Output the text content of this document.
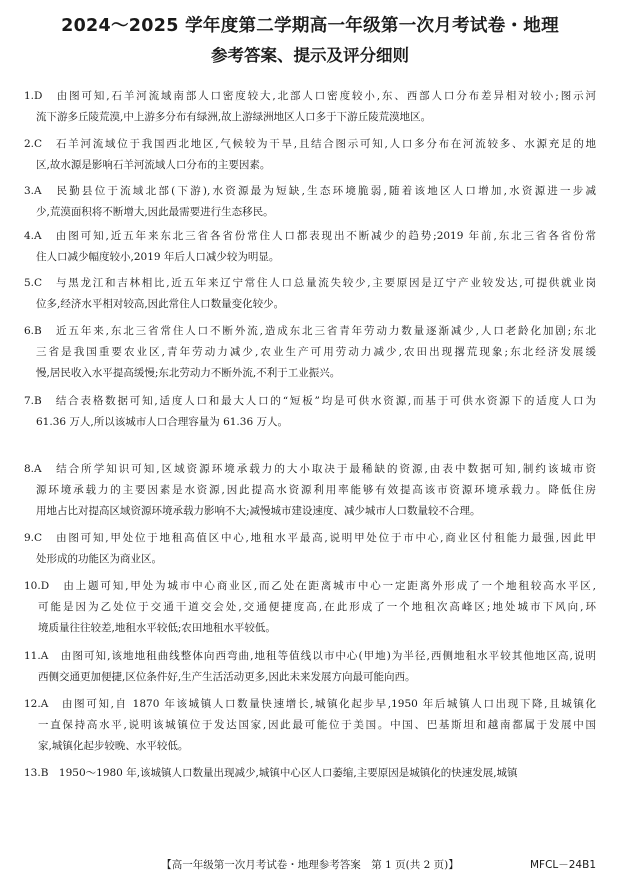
2024～2025 学年度第二学期高一年级第一次月考试卷・地理
参考答案、提示及评分细则
1.D　由图可知,石羊河流域南部人口密度较大,北部人口密度较小,东、西部人口分布差异相对较小;图示河
流下游多丘陵荒漠,中上游多分布有绿洲,故上游绿洲地区人口多于下游丘陵荒漠地区。
2.C　石羊河流域位于我国西北地区,气候较为干旱,且结合图示可知,人口多分布在河流较多、水源充足的地
区,故水源是影响石羊河流域人口分布的主要因素。
3.A　民勤县位于流域北部(下游),水资源最为短缺,生态环境脆弱,随着该地区人口增加,水资源进一步减
少,荒漠面积将不断增大,因此最需要进行生态移民。
4.A　由图可知,近五年来东北三省各省份常住人口都表现出不断减少的趋势;2019 年前,东北三省各省份常
住人口减少幅度较小,2019 年后人口减少较为明显。
5.C　与黑龙江和吉林相比,近五年来辽宁常住人口总量流失较少,主要原因是辽宁产业较发达,可提供就业岗
位多,经济水平相对较高,因此常住人口数量变化较少。
6.B　近五年来,东北三省常住人口不断外流,造成东北三省青年劳动力数量逐渐减少,人口老龄化加剧;东北
三省是我国重要农业区,青年劳动力减少,农业生产可用劳动力减少,农田出现撂荒现象;东北经济发展缓
慢,居民收入水平提高缓慢;东北劳动力不断外流,不利于工业振兴。
7.B　结合表格数据可知,适度人口和最大人口的“短板”均是可供水资源,而基于可供水资源下的适度人口为
61.36 万人,所以该城市人口合理容量为 61.36 万人。
8.A　结合所学知识可知,区域资源环境承载力的大小取决于最稀缺的资源,由表中数据可知,制约该城市资
源环境承载力的主要因素是水资源,因此提高水资源利用率能够有效提高该市资源环境承载力。降低住房
用地占比对提高区域资源环境承载力影响不大;减慢城市建设速度、减少城市人口数量较不合理。
9.C　由图可知,甲处位于地租高值区中心,地租水平最高,说明甲处位于市中心,商业区付租能力最强,因此甲
处形成的功能区为商业区。
10.D　由上题可知,甲处为城市中心商业区,而乙处在距离城市中心一定距离外形成了一个地租较高水平区,
可能是因为乙处位于交通干道交会处,交通便捷度高,在此形成了一个地租次高峰区;地处城市下风向,环
境质量往往较差,地租水平较低;农田地租水平较低。
11.A　由图可知,该地地租曲线整体向西弯曲,地租等值线以市中心(甲地)为半径,西侧地租水平较其他地区高,说明
西侧交通更加便捷,区位条件好,生产生活活动更多,因此未来发展方向最可能向西。
12.A　由图可知,自 1870 年该城镇人口数量快速增长,城镇化起步早,1950 年后城镇人口出现下降,且城镇化
一直保持高水平,说明该城镇位于发达国家,因此最可能位于美国。中国、巴基斯坦和越南都属于发展中国
家,城镇化起步较晚、水平较低。
13.B　1950～1980 年,该城镇人口数量出现减少,城镇中心区人口萎缩,主要原因是城镇化的快速发展,城镇
【高一年级第一次月考试卷・地理参考答案　第 1 页(共 2 页)】	MFCL－24B1
